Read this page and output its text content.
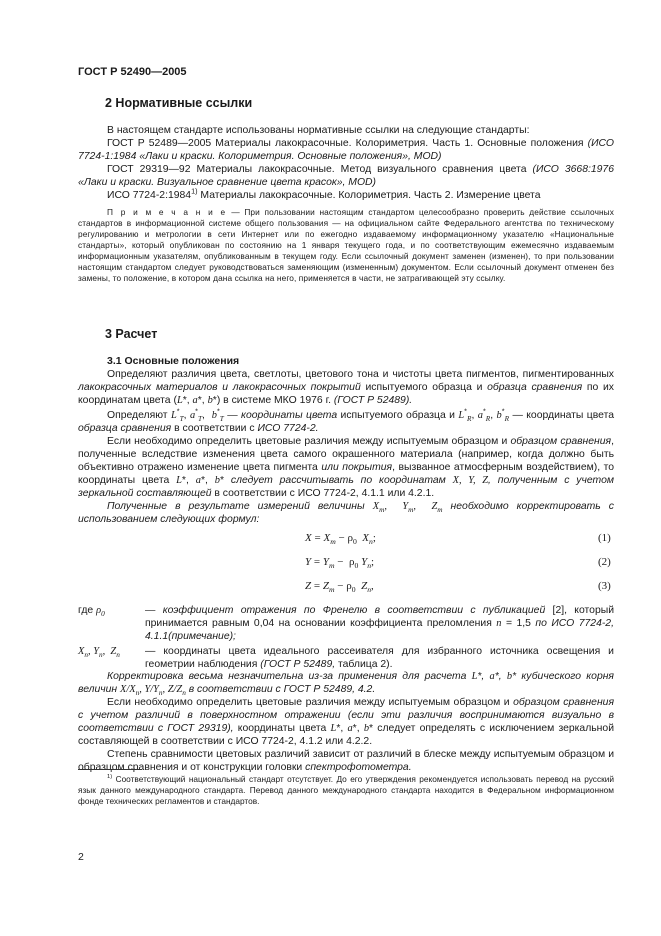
ГОСТ Р 52490—2005
2 Нормативные ссылки

В настоящем стандарте использованы нормативные ссылки на следующие стандарты:

ГОСТ Р 52489—2005 Материалы лакокрасочные. Колориметрия. Часть 1. Основные положения (ИСО 7724-1:1984 «Лаки и краски. Колориметрия. Основные положения», MOD)

ГОСТ 29319—92 Материалы лакокрасочные. Метод визуального сравнения цвета (ИСО 3668:1976 «Лаки и краски. Визуальное сравнение цвета красок», MOD)

ИСО 7724-2:1984$^{1)}$ Материалы лакокрасочные. Колориметрия. Часть 2. Измерение цвета

П р и м е ч а н и е — При пользовании настоящим стандартом целесообразно проверить действие ссылочных стандартов в информационной системе общего пользования — на официальном сайте Федерального агентства по техническому регулированию и метрологии в сети Интернет или по ежегодно издаваемому информационному указателю «Национальные стандарты», который опубликован по состоянию на 1 января текущего года, и по соответствующим ежемесячно издаваемым информационным указателям, опубликованным в текущем году. Если ссылочный документ заменен (изменен), то при пользовании настоящим стандартом следует руководствоваться заменяющим (измененным) документом. Если ссылочный документ отменен без замены, то положение, в котором дана ссылка на него, применяется в части, не затрагивающей эту ссылку.

3 Расчет
3.1 Основные положения

Определяют различия цвета, светлоты, цветового тона и чистоты цвета пигментов, пигментированных лакокрасочных материалов и лакокрасочных покрытий испытуемого образца и образца сравнения по их координатам цвета (L*, a*, b*) в системе МКО 1976 г. (ГОСТ Р 52489).

Определяют $L^*_T$, $a^*_T$,  $b^*_T$ — координаты цвета испытуемого образца и $L^*_R$, $a^*_R$, $b^*_R$ — координаты цвета образца сравнения в соответствии с ИСО 7724-2.

Если необходимо определить цветовые различия между испытуемым образцом и образцом сравнения, полученные вследствие изменения цвета самого окрашенного материала (например, когда должно быть объективно отражено изменение цвета пигмента или покрытия, вызванное атмосферным воздействием), то координаты цвета L*, a*, b* следует рассчитывать по координатам X, Y, Z, полученным с учетом зеркальной составляющей в соответствии с ИСО 7724-2, 4.1.1 или 4.2.1.

Полученные в результате измерений величины $X_m$,  $Y_m$,  $Z_m$ необходимо корректировать с использованием следующих формул:

$X = X_m - \rho_0$ $X_n$;	(1)
$Y = Y_m - \rho_0$ $Y_n$;	(2)
$Z = Z_m - \rho_0$ $Z_n$,	(3)
где $\rho_0$	— коэффициент отражения по Френелю в соответствии с публикацией [2], который принимается равным 0,04 на основании коэффициента преломления n = 1,5 по ИСО 7724-2, 4.1.1(примечание);
$X_n$, $Y_n$,  $Z_n$ — координаты цвета идеального рассеивателя для избранного источника освещения и геометрии наблюдения (ГОСТ Р 52489, таблица 2).

Корректировка весьма незначительна из-за применения для расчета L*, a*, b* кубического корня величин $X/X_n$, $Y/Y_n$, $Z/Z_n$ в соответствии с ГОСТ Р 52489, 4.2.

Если необходимо определить цветовые различия между испытуемым образцом и образцом сравнения с учетом различий в поверхностном отражении (если эти различия воспринимаются визуально в соответствии с ГОСТ 29319), координаты цвета L*, a*, b* следует определять с исключением зеркальной составляющей в соответствии с ИСО 7724-2, 4.1.2 или 4.2.2.

Степень сравнимости цветовых различий зависит от различий в блеске между испытуемым образцом и образцом сравнения и от конструкции головки спектрофотометра.

$^{1)}$ Соответствующий национальный стандарт отсутствует. До его утверждения рекомендуется использовать перевод на русский язык данного международного стандарта. Перевод данного международного стандарта находится в Федеральном информационном фонде технических регламентов и стандартов.

2
